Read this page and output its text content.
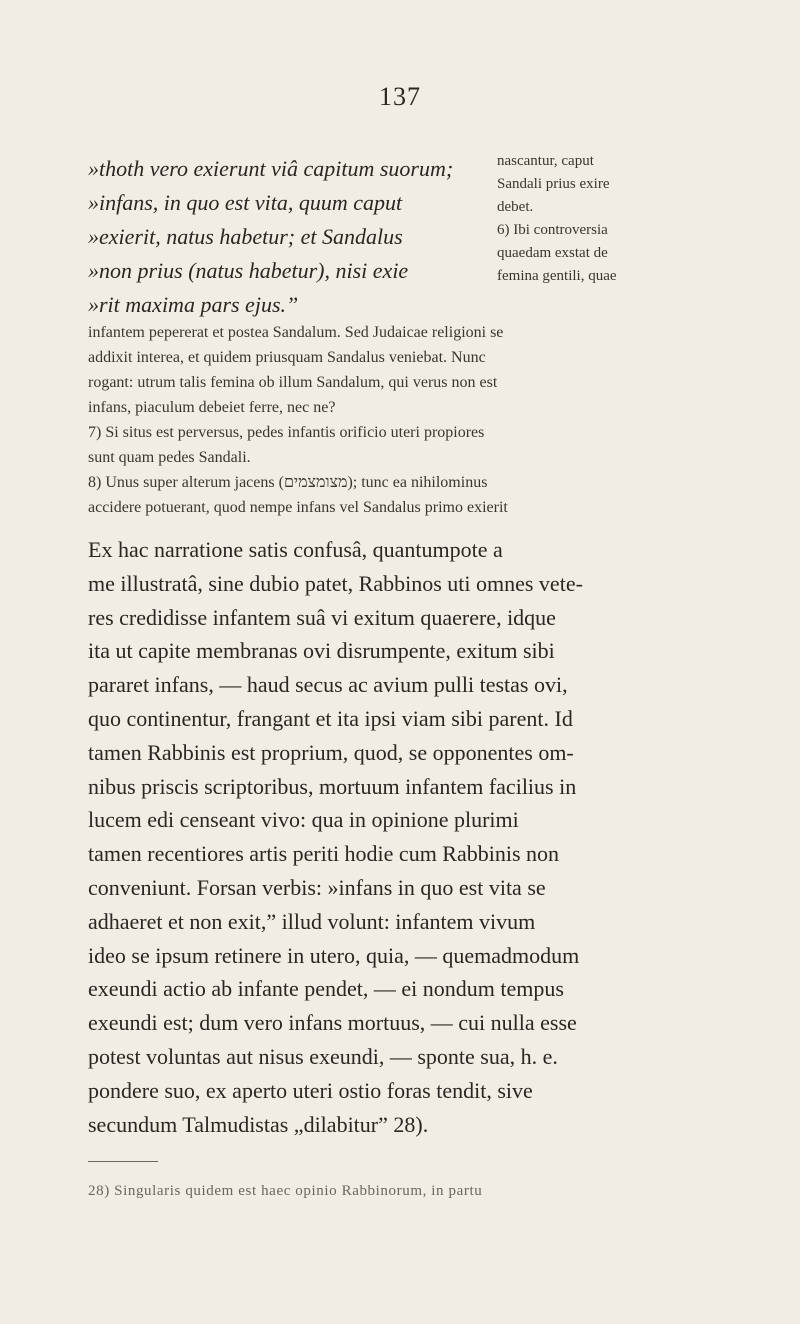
137
»thoth vero exierunt viâ capitum suorum;
»infans, in quo est vita, quum caput
»exierit, natus habetur; et Sandalus
»non prius (natus habetur), nisi exie
»rit maxima pars ejus.”
nascantur, caput
Sandali prius exire
debet.
6) Ibi controversia
quaedam exstat de
femina gentili, quae
infantem pepererat et postea Sandalum. Sed Judaicae religioni se
addixit interea, et quidem priusquam Sandalus veniebat. Nunc
rogant: utrum talis femina ob illum Sandalum, qui verus non est
infans, piaculum debeiet ferre, nec ne?
7) Si situs est perversus, pedes infantis orificio uteri propiores
sunt quam pedes Sandali.
8) Unus super alterum jacens (מצומצמים); tunc ea nihilominus
accidere potuerant, quod nempe infans vel Sandalus primo exierit
Ex hac narratione satis confusâ, quantumpote a
me illustratâ, sine dubio patet, Rabbinos uti omnes vete-
res credidisse infantem suâ vi exitum quaerere, idque
ita ut capite membranas ovi disrumpente, exitum sibi
pararet infans, — haud secus ac avium pulli testas ovi,
quo continentur, frangant et ita ipsi viam sibi parent. Id
tamen Rabbinis est proprium, quod, se opponentes om-
nibus priscis scriptoribus, mortuum infantem facilius in
lucem edi censeant vivo: qua in opinione plurimi
tamen recentiores artis periti hodie cum Rabbinis non
conveniunt. Forsan verbis: »infans in quo est vita se
adhaeret et non exit,” illud volunt: infantem vivum
ideo se ipsum retinere in utero, quia, — quemadmodum
exeundi actio ab infante pendet, — ei nondum tempus
exeundi est; dum vero infans mortuus, — cui nulla esse
potest voluntas aut nisus exeundi, — sponte sua, h. e.
pondere suo, ex aperto uteri ostio foras tendit, sive
secundum Talmudistas „dilabitur” 28).
28) Singularis quidem est haec opinio Rabbinorum, in partu
